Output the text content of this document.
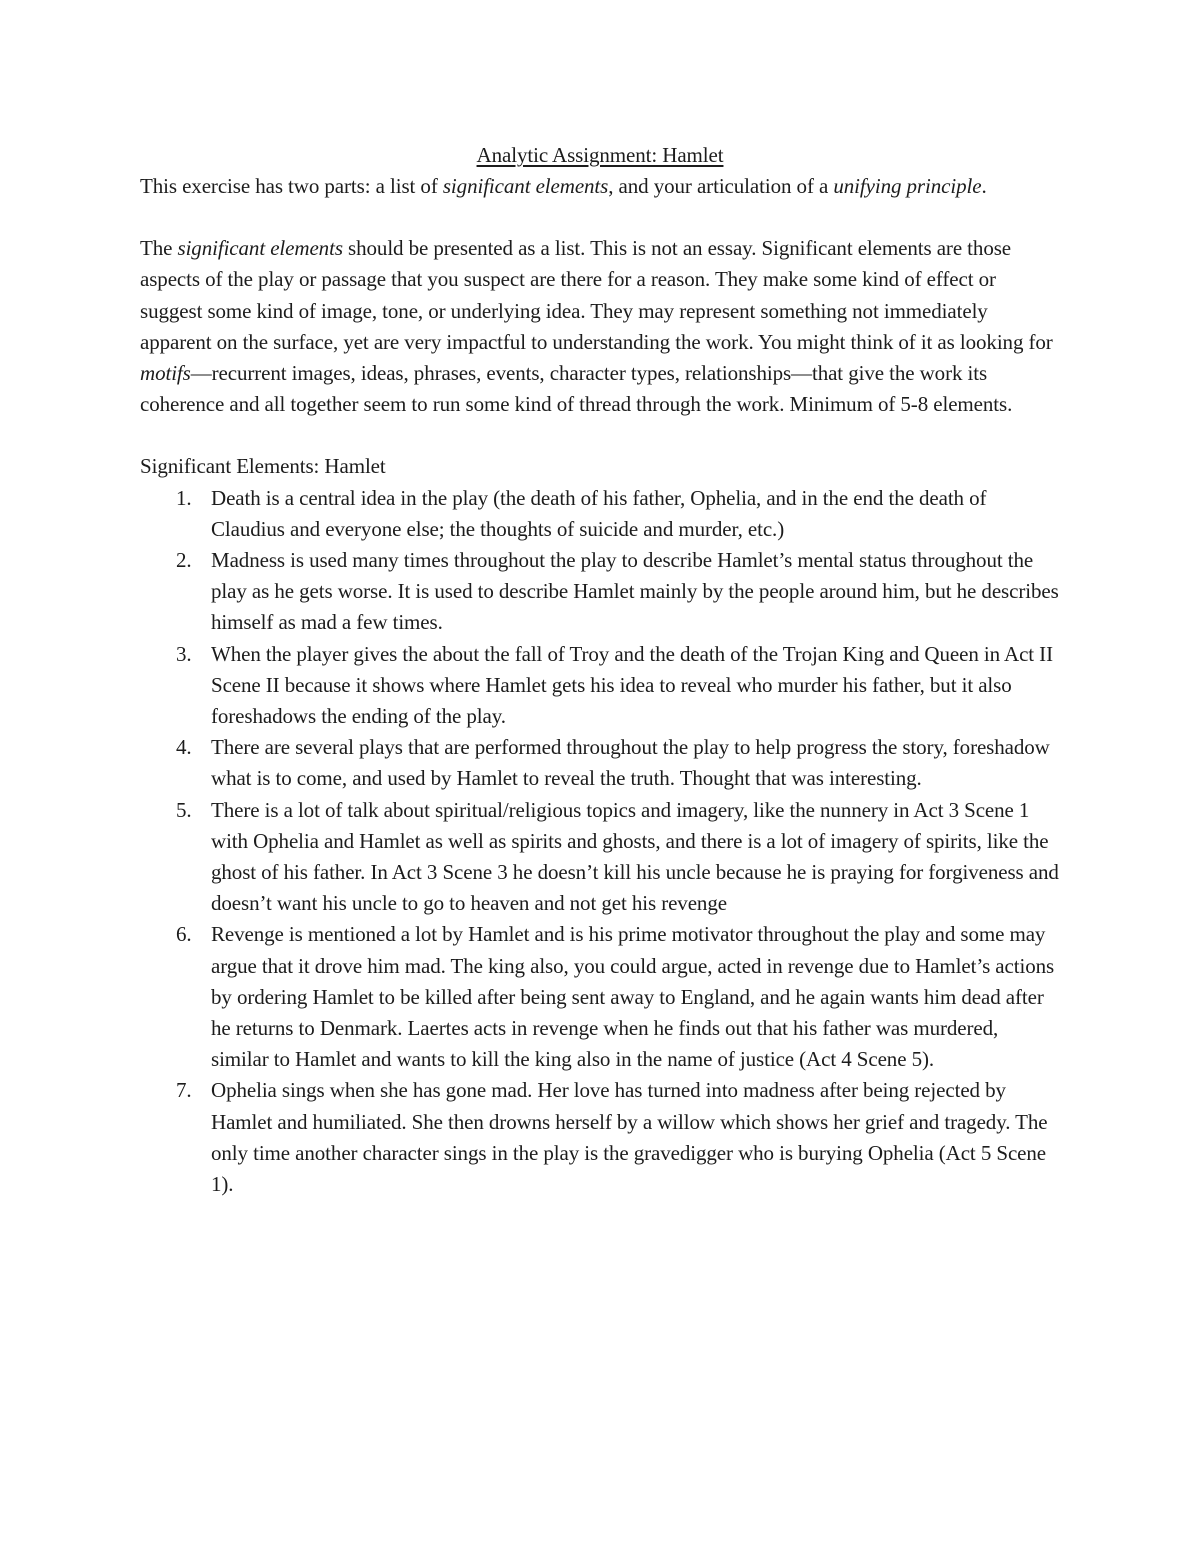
Analytic Assignment: Hamlet

This exercise has two parts: a list of significant elements, and your articulation of a unifying principle.

The significant elements should be presented as a list. This is not an essay. Significant elements are those aspects of the play or passage that you suspect are there for a reason. They make some kind of effect or suggest some kind of image, tone, or underlying idea. They may represent something not immediately apparent on the surface, yet are very impactful to understanding the work. You might think of it as looking for motifs—recurrent images, ideas, phrases, events, character types, relationships—that give the work its coherence and all together seem to run some kind of thread through the work. Minimum of 5-8 elements.

Significant Elements: Hamlet

1. Death is a central idea in the play (the death of his father, Ophelia, and in the end the death of Claudius and everyone else; the thoughts of suicide and murder, etc.)
2. Madness is used many times throughout the play to describe Hamlet’s mental status throughout the play as he gets worse. It is used to describe Hamlet mainly by the people around him, but he describes himself as mad a few times.
3. When the player gives the about the fall of Troy and the death of the Trojan King and Queen in Act II Scene II because it shows where Hamlet gets his idea to reveal who murder his father, but it also foreshadows the ending of the play.
4. There are several plays that are performed throughout the play to help progress the story, foreshadow what is to come, and used by Hamlet to reveal the truth. Thought that was interesting.
5. There is a lot of talk about spiritual/religious topics and imagery, like the nunnery in Act 3 Scene 1 with Ophelia and Hamlet as well as spirits and ghosts, and there is a lot of imagery of spirits, like the ghost of his father. In Act 3 Scene 3 he doesn’t kill his uncle because he is praying for forgiveness and doesn’t want his uncle to go to heaven and not get his revenge
6. Revenge is mentioned a lot by Hamlet and is his prime motivator throughout the play and some may argue that it drove him mad. The king also, you could argue, acted in revenge due to Hamlet’s actions by ordering Hamlet to be killed after being sent away to England, and he again wants him dead after he returns to Denmark. Laertes acts in revenge when he finds out that his father was murdered, similar to Hamlet and wants to kill the king also in the name of justice (Act 4 Scene 5).
7. Ophelia sings when she has gone mad. Her love has turned into madness after being rejected by Hamlet and humiliated. She then drowns herself by a willow which shows her grief and tragedy. The only time another character sings in the play is the gravedigger who is burying Ophelia (Act 5 Scene 1).
